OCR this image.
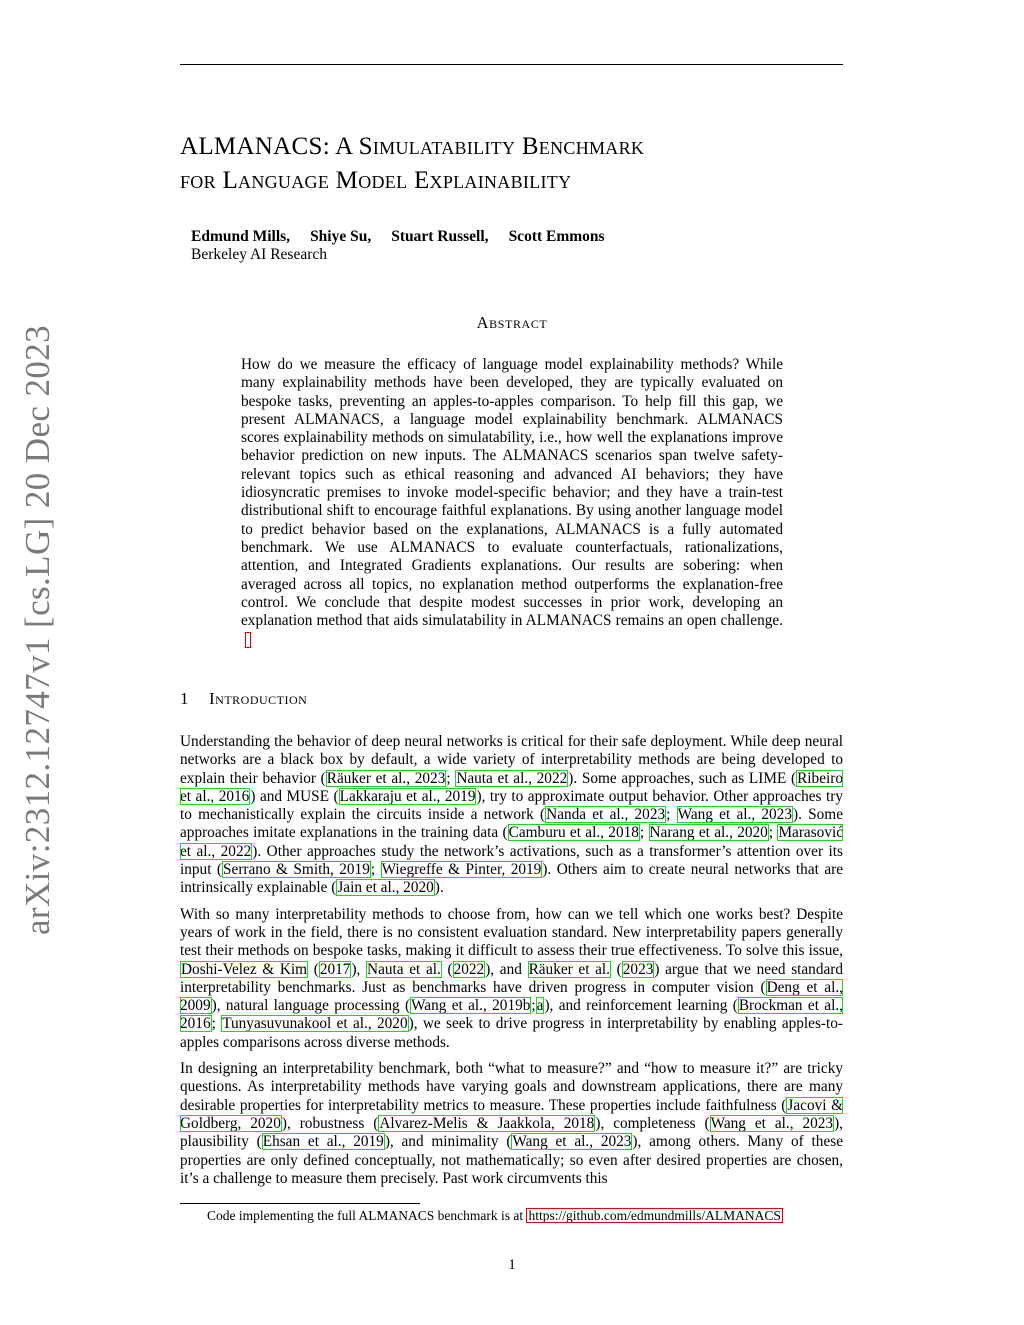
ALMANACS: A Simulatability Benchmark
for Language Model Explainability
Edmund Mills, Shiye Su, Stuart Russell, Scott Emmons
Berkeley AI Research
Abstract
How do we measure the efficacy of language model explainability methods? While many explainability methods have been developed, they are typically evaluated on bespoke tasks, preventing an apples-to-apples comparison. To help fill this gap, we present ALMANACS, a language model explainability benchmark. ALMANACS scores explainability methods on simulatability, i.e., how well the explanations improve behavior prediction on new inputs. The ALMANACS scenarios span twelve safety-relevant topics such as ethical reasoning and advanced AI behaviors; they have idiosyncratic premises to invoke model-specific behavior; and they have a train-test distributional shift to encourage faithful explanations. By using another language model to predict behavior based on the explanations, ALMANACS is a fully automated benchmark. We use ALMANACS to evaluate counterfactuals, rationalizations, attention, and Integrated Gradients explanations. Our results are sobering: when averaged across all topics, no explanation method outperforms the explanation-free control. We conclude that despite modest successes in prior work, developing an explanation method that aids simulatability in ALMANACS remains an open challenge.
arXiv:2312.12747v1 [cs.LG] 20 Dec 2023	1 Introduction

Understanding the behavior of deep neural networks is critical for their safe deployment. While deep neural networks are a black box by default, a wide variety of interpretability methods are being developed to explain their behavior (Räuker et al., 2023; Nauta et al., 2022). Some approaches, such as LIME (Ribeiro et al., 2016) and MUSE (Lakkaraju et al., 2019), try to approximate output behavior. Other approaches try to mechanistically explain the circuits inside a network (Nanda et al., 2023; Wang et al., 2023). Some approaches imitate explanations in the training data (Camburu et al., 2018; Narang et al., 2020; Marasović et al., 2022). Other approaches study the network’s activations, such as a transformer’s attention over its input (Serrano & Smith, 2019; Wiegreffe & Pinter, 2019). Others aim to create neural networks that are intrinsically explainable (Jain et al., 2020).

With so many interpretability methods to choose from, how can we tell which one works best? Despite years of work in the field, there is no consistent evaluation standard. New interpretability papers generally test their methods on bespoke tasks, making it difficult to assess their true effectiveness. To solve this issue, Doshi-Velez & Kim (2017), Nauta et al. (2022), and Räuker et al. (2023) argue that we need standard interpretability benchmarks. Just as benchmarks have driven progress in computer vision (Deng et al., 2009), natural language processing (Wang et al., 2019b;a), and reinforcement learning (Brockman et al., 2016; Tunyasuvunakool et al., 2020), we seek to drive progress in interpretability by enabling apples-to-apples comparisons across diverse methods.

In designing an interpretability benchmark, both “what to measure?” and “how to measure it?” are tricky questions. As interpretability methods have varying goals and downstream applications, there are many desirable properties for interpretability metrics to measure. These properties include faithfulness (Jacovi & Goldberg, 2020), robustness (Alvarez-Melis & Jaakkola, 2018), completeness (Wang et al., 2023), plausibility (Ehsan et al., 2019), and minimality (Wang et al., 2023), among others. Many of these properties are only defined conceptually, not mathematically; so even after desired properties are chosen, it’s a challenge to measure them precisely. Past work circumvents this

Code implementing the full ALMANACS benchmark is at https://github.com/edmundmills/ALMANACS
1
